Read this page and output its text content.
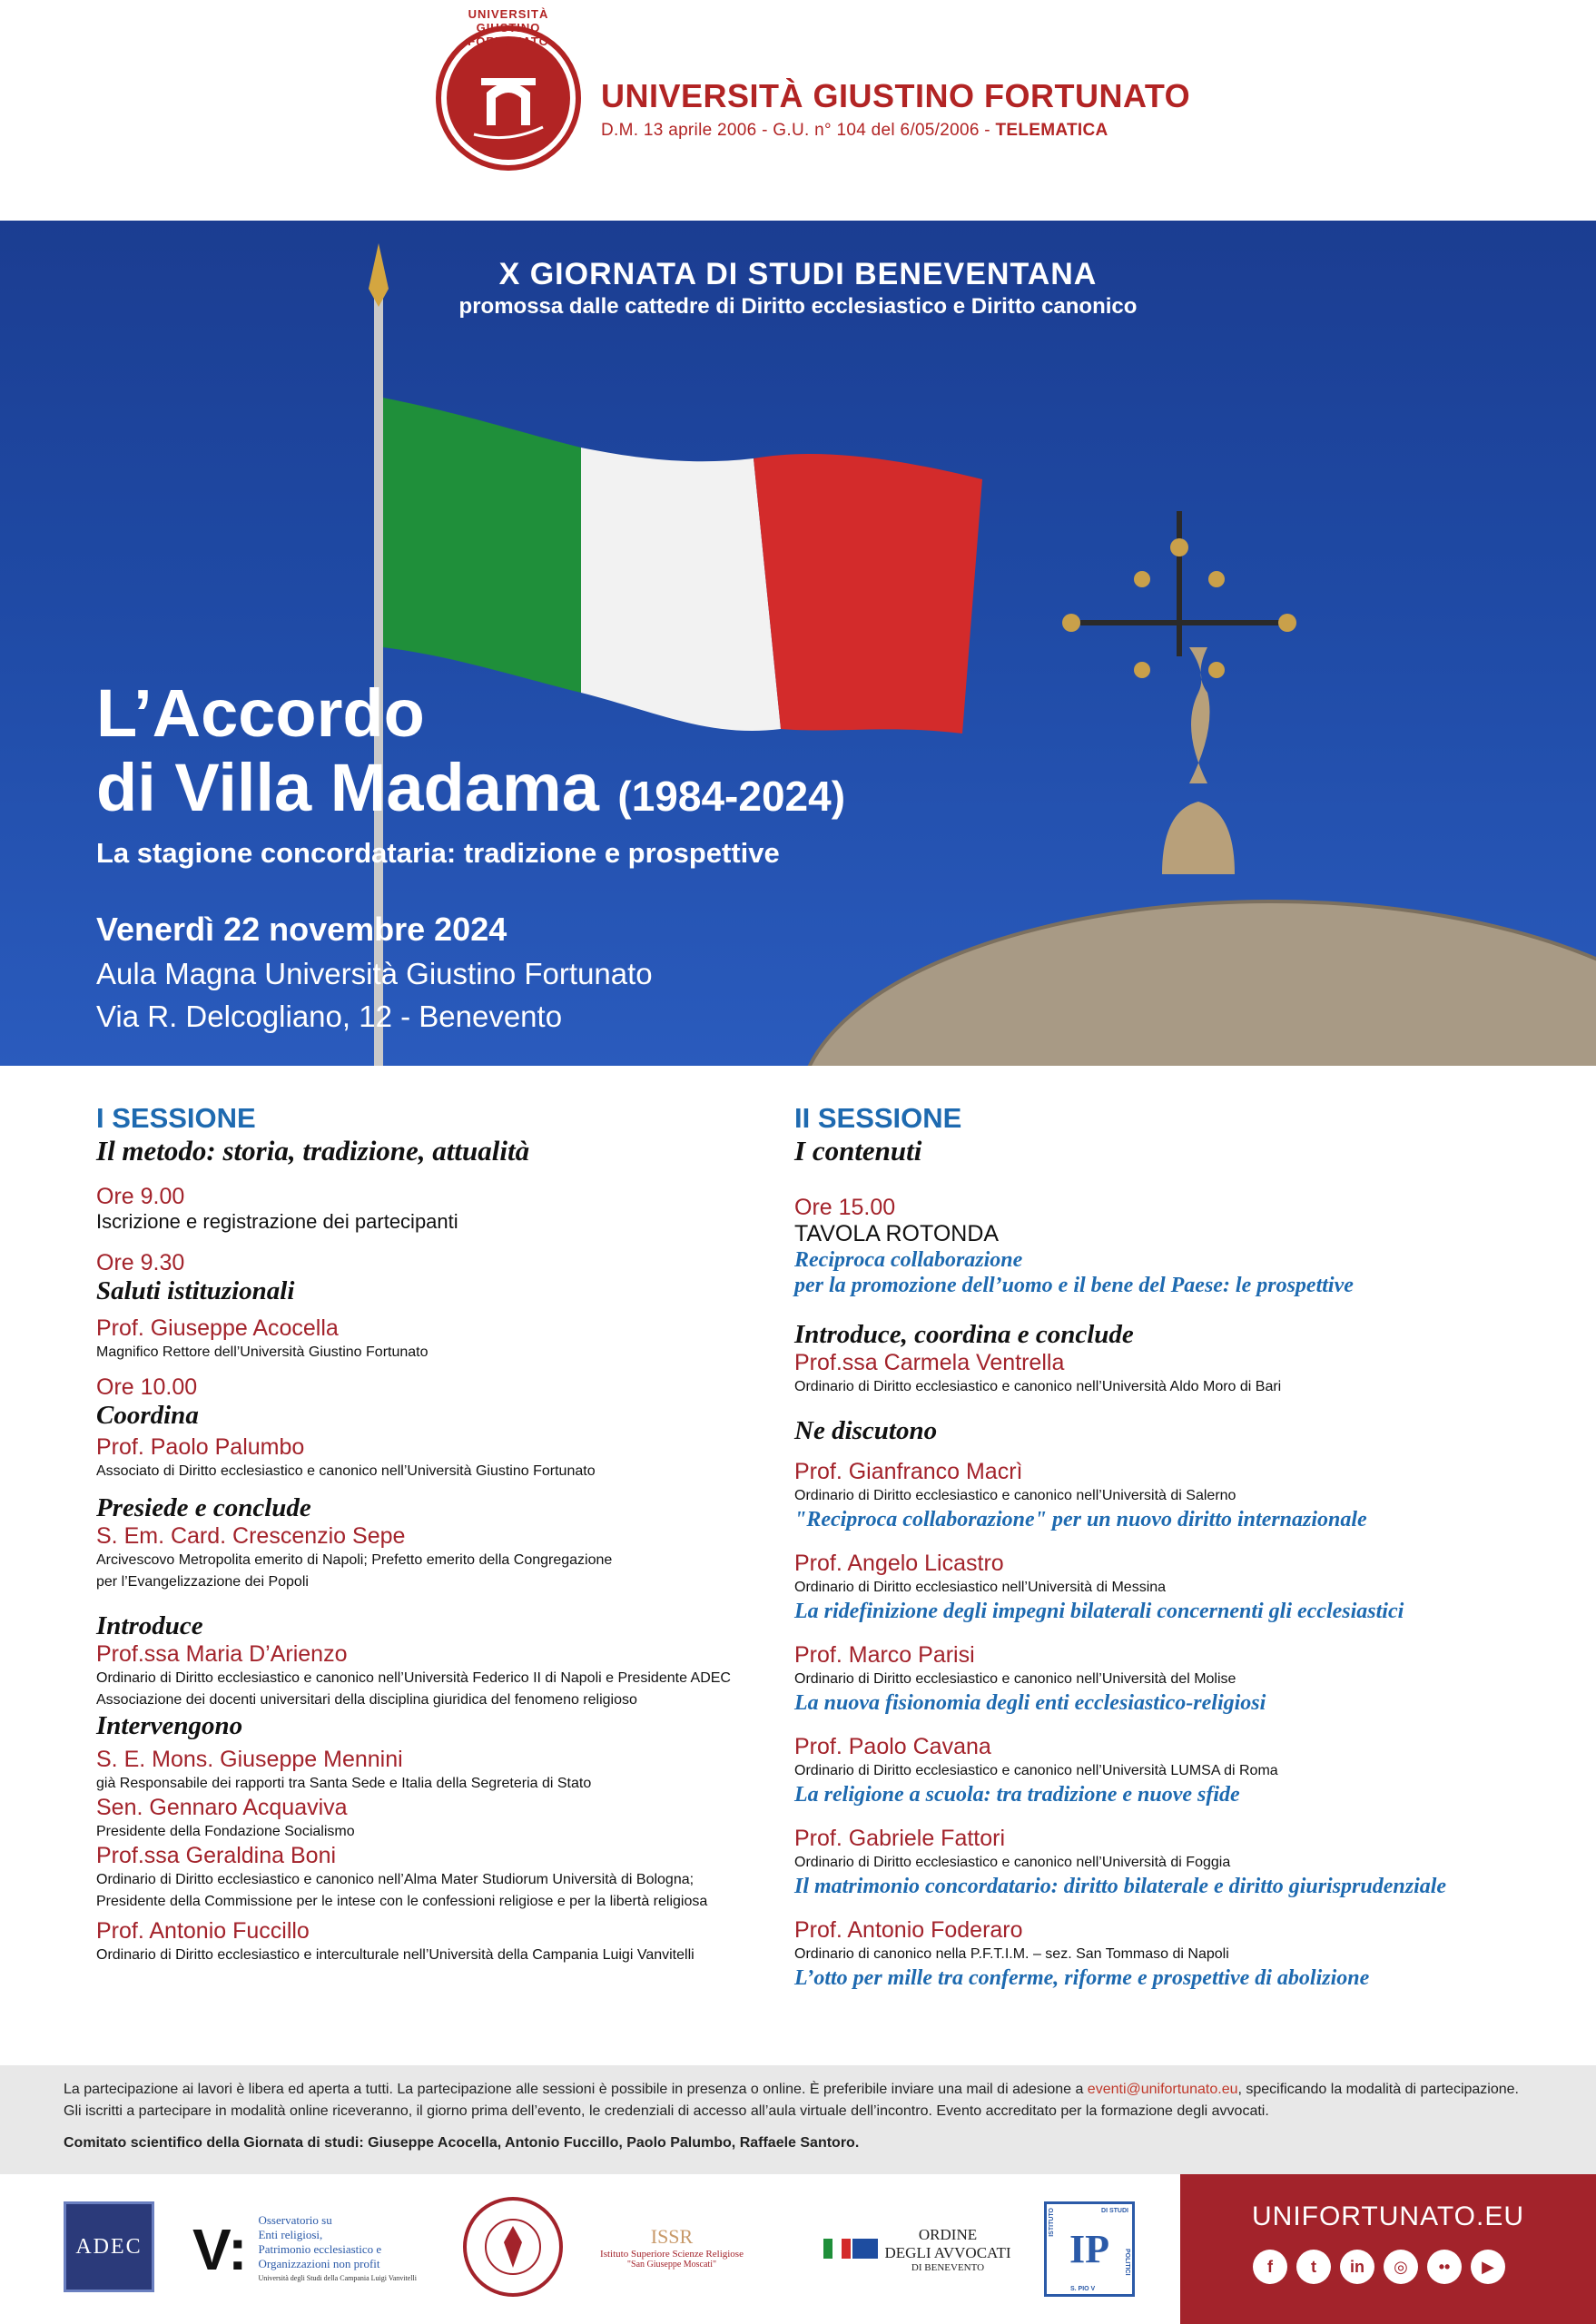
UNIVERSITÀ GIUSTINO FORTUNATO
UNIVERSITÀ GIUSTINO FORTUNATO
D.M. 13 aprile 2006 - G.U. n° 104 del 6/05/2006 - TELEMATICA
X GIORNATA DI STUDI BENEVENTANA
promossa dalle cattedre di Diritto ecclesiastico e Diritto canonico
L’Accordo
di Villa Madama (1984-2024)
La stagione concordataria: tradizione e prospettive
Venerdì 22 novembre 2024
Aula Magna Università Giustino Fortunato
Via R. Delcogliano, 12 - Benevento
I SESSIONE
Il metodo: storia, tradizione, attualità
Ore 9.00
Iscrizione e registrazione dei partecipanti
Ore 9.30
Saluti istituzionali
Prof. Giuseppe Acocella
Magnifico Rettore dell’Università Giustino Fortunato
Ore 10.00
Coordina
Prof. Paolo Palumbo
Associato di Diritto ecclesiastico e canonico nell’Università Giustino Fortunato
Presiede e conclude
S. Em. Card. Crescenzio Sepe
Arcivescovo Metropolita emerito di Napoli; Prefetto emerito della Congregazione
per l’Evangelizzazione dei Popoli
Introduce
Prof.ssa Maria D’Arienzo
Ordinario di Diritto ecclesiastico e canonico nell’Università Federico II di Napoli e Presidente ADEC
Associazione dei docenti universitari della disciplina giuridica del fenomeno religioso
Intervengono
S. E. Mons. Giuseppe Mennini
già Responsabile dei rapporti tra Santa Sede e Italia della Segreteria di Stato
Sen. Gennaro Acquaviva
Presidente della Fondazione Socialismo
Prof.ssa Geraldina Boni
Ordinario di Diritto ecclesiastico e canonico nell’Alma Mater Studiorum Università di Bologna;
Presidente della Commissione per le intese con le confessioni religiose e per la libertà religiosa
Prof. Antonio Fuccillo
Ordinario di Diritto ecclesiastico e interculturale nell’Università della Campania Luigi Vanvitelli
II SESSIONE
I contenuti
Ore 15.00
TAVOLA ROTONDA
Reciproca collaborazione
per la promozione dell’uomo e il bene del Paese: le prospettive
Introduce, coordina e conclude
Prof.ssa Carmela Ventrella
Ordinario di Diritto ecclesiastico e canonico nell’Università Aldo Moro di Bari
Ne discutono
Prof. Gianfranco Macrì
Ordinario di Diritto ecclesiastico e canonico nell’Università di Salerno
"Reciproca collaborazione" per un nuovo diritto internazionale
Prof. Angelo Licastro
Ordinario di Diritto ecclesiastico nell’Università di Messina
La ridefinizione degli impegni bilaterali concernenti gli ecclesiastici
Prof. Marco Parisi
Ordinario di Diritto ecclesiastico e canonico nell’Università del Molise
La nuova fisionomia degli enti ecclesiastico-religiosi
Prof. Paolo Cavana
Ordinario di Diritto ecclesiastico e canonico nell’Università LUMSA di Roma
La religione a scuola: tra tradizione e nuove sfide
Prof. Gabriele Fattori
Ordinario di Diritto ecclesiastico e canonico nell’Università di Foggia
Il matrimonio concordatario: diritto bilaterale e diritto giurisprudenziale
Prof. Antonio Foderaro
Ordinario di canonico nella P.F.T.I.M. – sez. San Tommaso di Napoli
L’otto per mille tra conferme, riforme e prospettive di abolizione
La partecipazione ai lavori è libera ed aperta a tutti. La partecipazione alle sessioni è possibile in presenza o online. È preferibile inviare una mail di adesione a eventi@unifortunato.eu, specificando la modalità di partecipazione. Gli iscritti a partecipare in modalità online riceveranno, il giorno prima dell’evento, le credenziali di accesso all’aula virtuale dell’incontro. Evento accreditato per la formazione degli avvocati.
Comitato scientifico della Giornata di studi: Giuseppe Acocella, Antonio Fuccillo, Paolo Palumbo, Raffaele Santoro.
ADEC V: Osservatorio su
Enti religiosi,
Patrimonio ecclesiastico e
Organizzazioni non profit
Università degli Studi della Campania Luigi Vanvitelli
ISSR
Istituto Superiore Scienze Religiose
"San Giuseppe Moscati"
ORDINE
DEGLI AVVOCATI
DI BENEVENTO	IP
ISTITUTO	DI STUDI
POLITICI
S. PIO V
UNIFORTUNATO.EU
f	t	in	◎	••	▶
